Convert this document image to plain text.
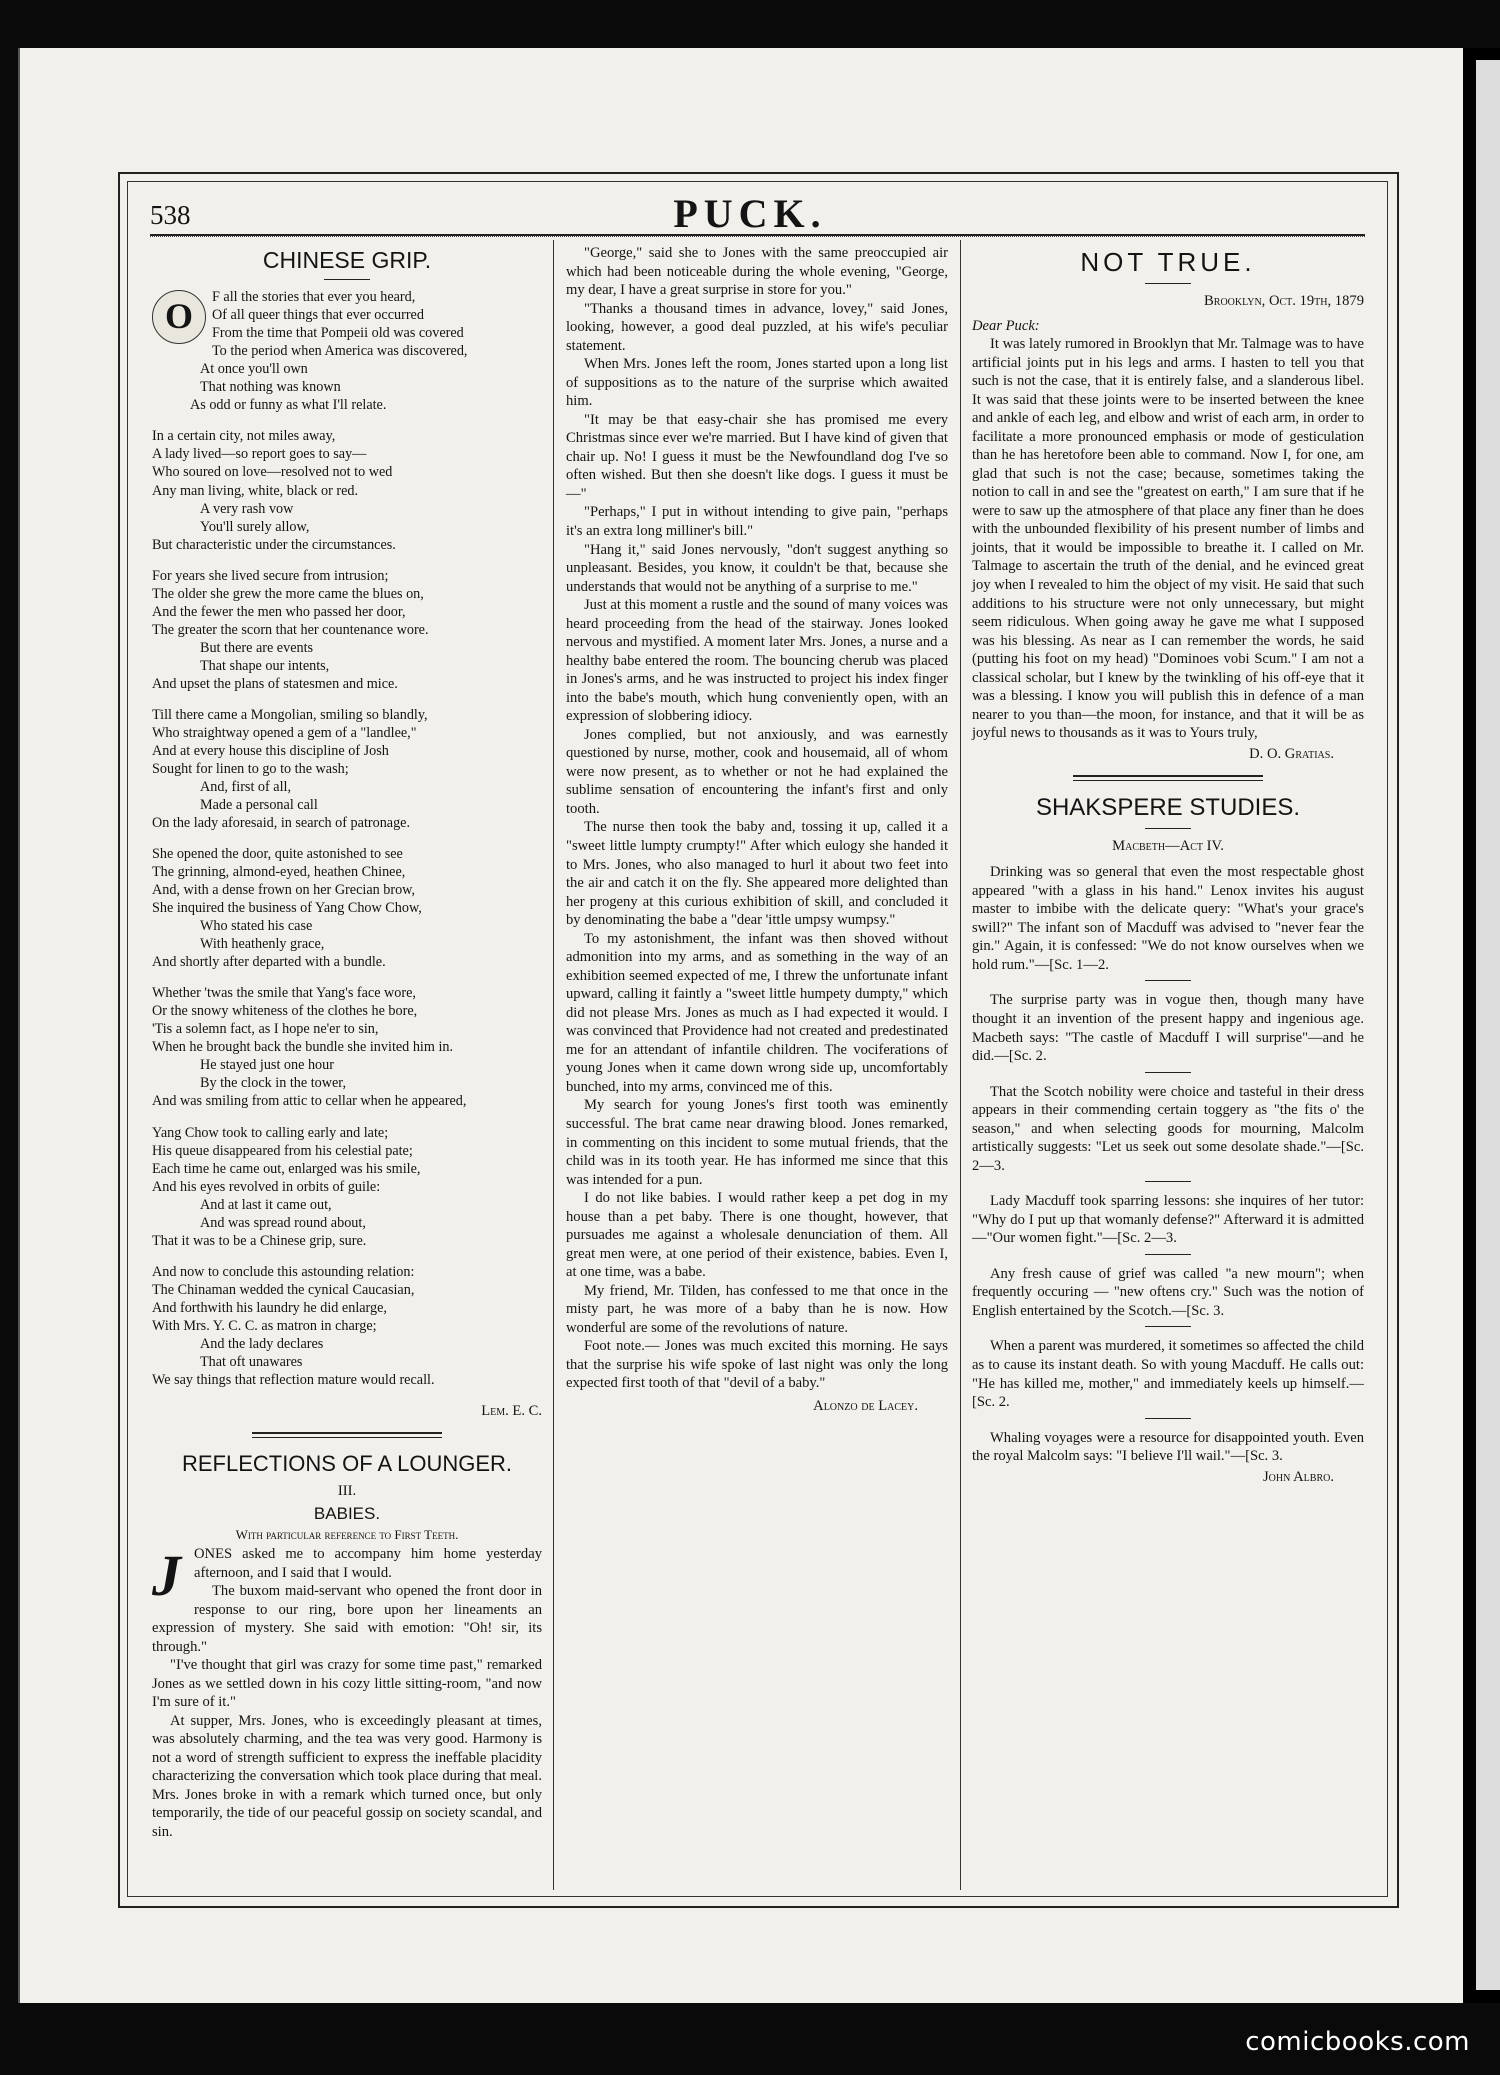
538	PUCK.
CHINESE GRIP.
O	F all the stories that ever you heard,
Of all queer things that ever occurred
From the time that Pompeii old was covered
To the period when America was discovered,
At once you'll own
That nothing was known
As odd or funny as what I'll relate.
In a certain city, not miles away,
A lady lived—so report goes to say—
Who soured on love—resolved not to wed
Any man living, white, black or red.
A very rash vow
You'll surely allow,
But characteristic under the circumstances.
For years she lived secure from intrusion;
The older she grew the more came the blues on,
And the fewer the men who passed her door,
The greater the scorn that her countenance wore.
But there are events
That shape our intents,
And upset the plans of statesmen and mice.
Till there came a Mongolian, smiling so blandly,
Who straightway opened a gem of a "landlee,"
And at every house this discipline of Josh
Sought for linen to go to the wash;
And, first of all,
Made a personal call
On the lady aforesaid, in search of patronage.
She opened the door, quite astonished to see
The grinning, almond-eyed, heathen Chinee,
And, with a dense frown on her Grecian brow,
She inquired the business of Yang Chow Chow,
Who stated his case
With heathenly grace,
And shortly after departed with a bundle.
Whether 'twas the smile that Yang's face wore,
Or the snowy whiteness of the clothes he bore,
'Tis a solemn fact, as I hope ne'er to sin,
When he brought back the bundle she invited him in.
He stayed just one hour
By the clock in the tower,
And was smiling from attic to cellar when he appeared,
Yang Chow took to calling early and late;
His queue disappeared from his celestial pate;
Each time he came out, enlarged was his smile,
And his eyes revolved in orbits of guile:
And at last it came out,
And was spread round about,
That it was to be a Chinese grip, sure.
And now to conclude this astounding relation:
The Chinaman wedded the cynical Caucasian,
And forthwith his laundry he did enlarge,
With Mrs. Y. C. C. as matron in charge;
And the lady declares
That oft unawares
We say things that reflection mature would recall.
Lem. E. C.
REFLECTIONS OF A LOUNGER.
III.
BABIES.
With particular reference to First Teeth.

JONES asked me to accompany him home yesterday afternoon, and I said that I would.

The buxom maid-servant who opened the front door in response to our ring, bore upon her lineaments an expression of mystery. She said with emotion: "Oh! sir, its through."

"I've thought that girl was crazy for some time past," remarked Jones as we settled down in his cozy little sitting-room, "and now I'm sure of it."

At supper, Mrs. Jones, who is exceedingly pleasant at times, was absolutely charming, and the tea was very good. Harmony is not a word of strength sufficient to express the ineffable placidity characterizing the conversation which took place during that meal. Mrs. Jones broke in with a remark which turned once, but only temporarily, the tide of our peaceful gossip on society scandal, and sin.

"George," said she to Jones with the same preoccupied air which had been noticeable during the whole evening, "George, my dear, I have a great surprise in store for you."

"Thanks a thousand times in advance, lovey," said Jones, looking, however, a good deal puzzled, at his wife's peculiar statement.

When Mrs. Jones left the room, Jones started upon a long list of suppositions as to the nature of the surprise which awaited him.

"It may be that easy-chair she has promised me every Christmas since ever we're married. But I have kind of given that chair up. No! I guess it must be the Newfoundland dog I've so often wished. But then she doesn't like dogs. I guess it must be—"

"Perhaps," I put in without intending to give pain, "perhaps it's an extra long milliner's bill."

"Hang it," said Jones nervously, "don't suggest anything so unpleasant. Besides, you know, it couldn't be that, because she understands that would not be anything of a surprise to me."

Just at this moment a rustle and the sound of many voices was heard proceeding from the head of the stairway. Jones looked nervous and mystified. A moment later Mrs. Jones, a nurse and a healthy babe entered the room. The bouncing cherub was placed in Jones's arms, and he was instructed to project his index finger into the babe's mouth, which hung conveniently open, with an expression of slobbering idiocy.

Jones complied, but not anxiously, and was earnestly questioned by nurse, mother, cook and housemaid, all of whom were now present, as to whether or not he had explained the sublime sensation of encountering the infant's first and only tooth.

The nurse then took the baby and, tossing it up, called it a "sweet little lumpty crumpty!" After which eulogy she handed it to Mrs. Jones, who also managed to hurl it about two feet into the air and catch it on the fly. She appeared more delighted than her progeny at this curious exhibition of skill, and concluded it by denominating the babe a "dear 'ittle umpsy wumpsy."

To my astonishment, the infant was then shoved without admonition into my arms, and as something in the way of an exhibition seemed expected of me, I threw the unfortunate infant upward, calling it faintly a "sweet little humpety dumpty," which did not please Mrs. Jones as much as I had expected it would. I was convinced that Providence had not created and predestinated me for an attendant of infantile children. The vociferations of young Jones when it came down wrong side up, uncomfortably bunched, into my arms, convinced me of this.

My search for young Jones's first tooth was eminently successful. The brat came near drawing blood. Jones remarked, in commenting on this incident to some mutual friends, that the child was in its tooth year. He has informed me since that this was intended for a pun.

I do not like babies. I would rather keep a pet dog in my house than a pet baby. There is one thought, however, that pursuades me against a wholesale denunciation of them. All great men were, at one period of their existence, babies. Even I, at one time, was a babe.

My friend, Mr. Tilden, has confessed to me that once in the misty part, he was more of a baby than he is now. How wonderful are some of the revolutions of nature.

Foot note.— Jones was much excited this morning. He says that the surprise his wife spoke of last night was only the long expected first tooth of that "devil of a baby."

Alonzo de Lacey.
NOT TRUE.
Brooklyn, Oct. 19th, 1879

Dear Puck:

It was lately rumored in Brooklyn that Mr. Talmage was to have artificial joints put in his legs and arms. I hasten to tell you that such is not the case, that it is entirely false, and a slanderous libel. It was said that these joints were to be inserted between the knee and ankle of each leg, and elbow and wrist of each arm, in order to facilitate a more pronounced emphasis or mode of gesticulation than he has heretofore been able to command. Now I, for one, am glad that such is not the case; because, sometimes taking the notion to call in and see the "greatest on earth," I am sure that if he were to saw up the atmosphere of that place any finer than he does with the unbounded flexibility of his present number of limbs and joints, that it would be impossible to breathe it. I called on Mr. Talmage to ascertain the truth of the denial, and he evinced great joy when I revealed to him the object of my visit. He said that such additions to his structure were not only unnecessary, but might seem ridiculous. When going away he gave me what I supposed was his blessing. As near as I can remember the words, he said (putting his foot on my head) "Dominoes vobi Scum." I am not a classical scholar, but I knew by the twinkling of his off-eye that it was a blessing. I know you will publish this in defence of a man nearer to you than—the moon, for instance, and that it will be as joyful news to thousands as it was to Yours truly,

D. O. Gratias.
SHAKSPERE STUDIES.
Macbeth—Act IV.

Drinking was so general that even the most respectable ghost appeared "with a glass in his hand." Lenox invites his august master to imbibe with the delicate query: "What's your grace's swill?" The infant son of Macduff was advised to "never fear the gin." Again, it is confessed: "We do not know ourselves when we hold rum."—[Sc. 1—2.

The surprise party was in vogue then, though many have thought it an invention of the present happy and ingenious age. Macbeth says: "The castle of Macduff I will surprise"—and he did.—[Sc. 2.

That the Scotch nobility were choice and tasteful in their dress appears in their commending certain toggery as "the fits o' the season," and when selecting goods for mourning, Malcolm artistically suggests: "Let us seek out some desolate shade."—[Sc. 2—3.

Lady Macduff took sparring lessons: she inquires of her tutor: "Why do I put up that womanly defense?" Afterward it is admitted —"Our women fight."—[Sc. 2—3.

Any fresh cause of grief was called "a new mourn"; when frequently occuring — "new oftens cry." Such was the notion of English entertained by the Scotch.—[Sc. 3.

When a parent was murdered, it sometimes so affected the child as to cause its instant death. So with young Macduff. He calls out: "He has killed me, mother," and immediately keels up himself.—[Sc. 2.

Whaling voyages were a resource for disappointed youth. Even the royal Malcolm says: "I believe I'll wail."—[Sc. 3.

John Albro.
comicbooks.com
